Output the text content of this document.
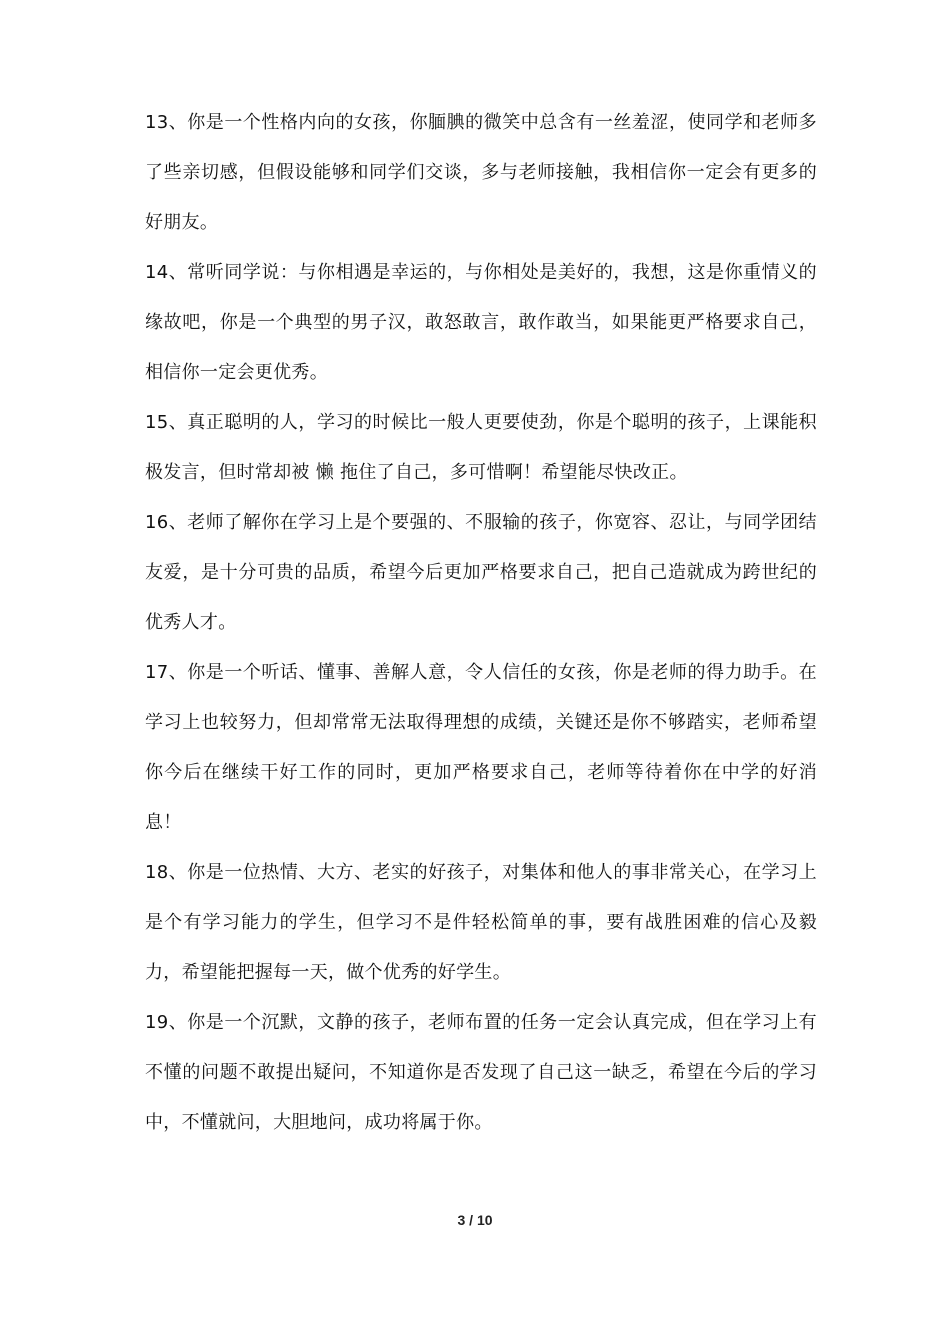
13、你是一个性格内向的女孩，你腼腆的微笑中总含有一丝羞涩，使同学和老师多了些亲切感，但假设能够和同学们交谈，多与老师接触，我相信你一定会有更多的好朋友。

14、常听同学说：与你相遇是幸运的，与你相处是美好的，我想，这是你重情义的缘故吧，你是一个典型的男子汉，敢怒敢言，敢作敢当，如果能更严格要求自己，相信你一定会更优秀。

15、真正聪明的人，学习的时候比一般人更要使劲，你是个聪明的孩子，上课能积极发言，但时常却被 懒 拖住了自己，多可惜啊！希望能尽快改正。

16、老师了解你在学习上是个要强的、不服输的孩子，你宽容、忍让，与同学团结友爱，是十分可贵的品质，希望今后更加严格要求自己，把自己造就成为跨世纪的优秀人才。

17、你是一个听话、懂事、善解人意，令人信任的女孩，你是老师的得力助手。在学习上也较努力，但却常常无法取得理想的成绩，关键还是你不够踏实，老师希望你今后在继续干好工作的同时，更加严格要求自己，老师等待着你在中学的好消息！

18、你是一位热情、大方、老实的好孩子，对集体和他人的事非常关心，在学习上是个有学习能力的学生，但学习不是件轻松简单的事，要有战胜困难的信心及毅力，希望能把握每一天，做个优秀的好学生。

19、你是一个沉默，文静的孩子，老师布置的任务一定会认真完成，但在学习上有不懂的问题不敢提出疑问，不知道你是否发现了自己这一缺乏，希望在今后的学习中，不懂就问，大胆地问，成功将属于你。

3 / 10
